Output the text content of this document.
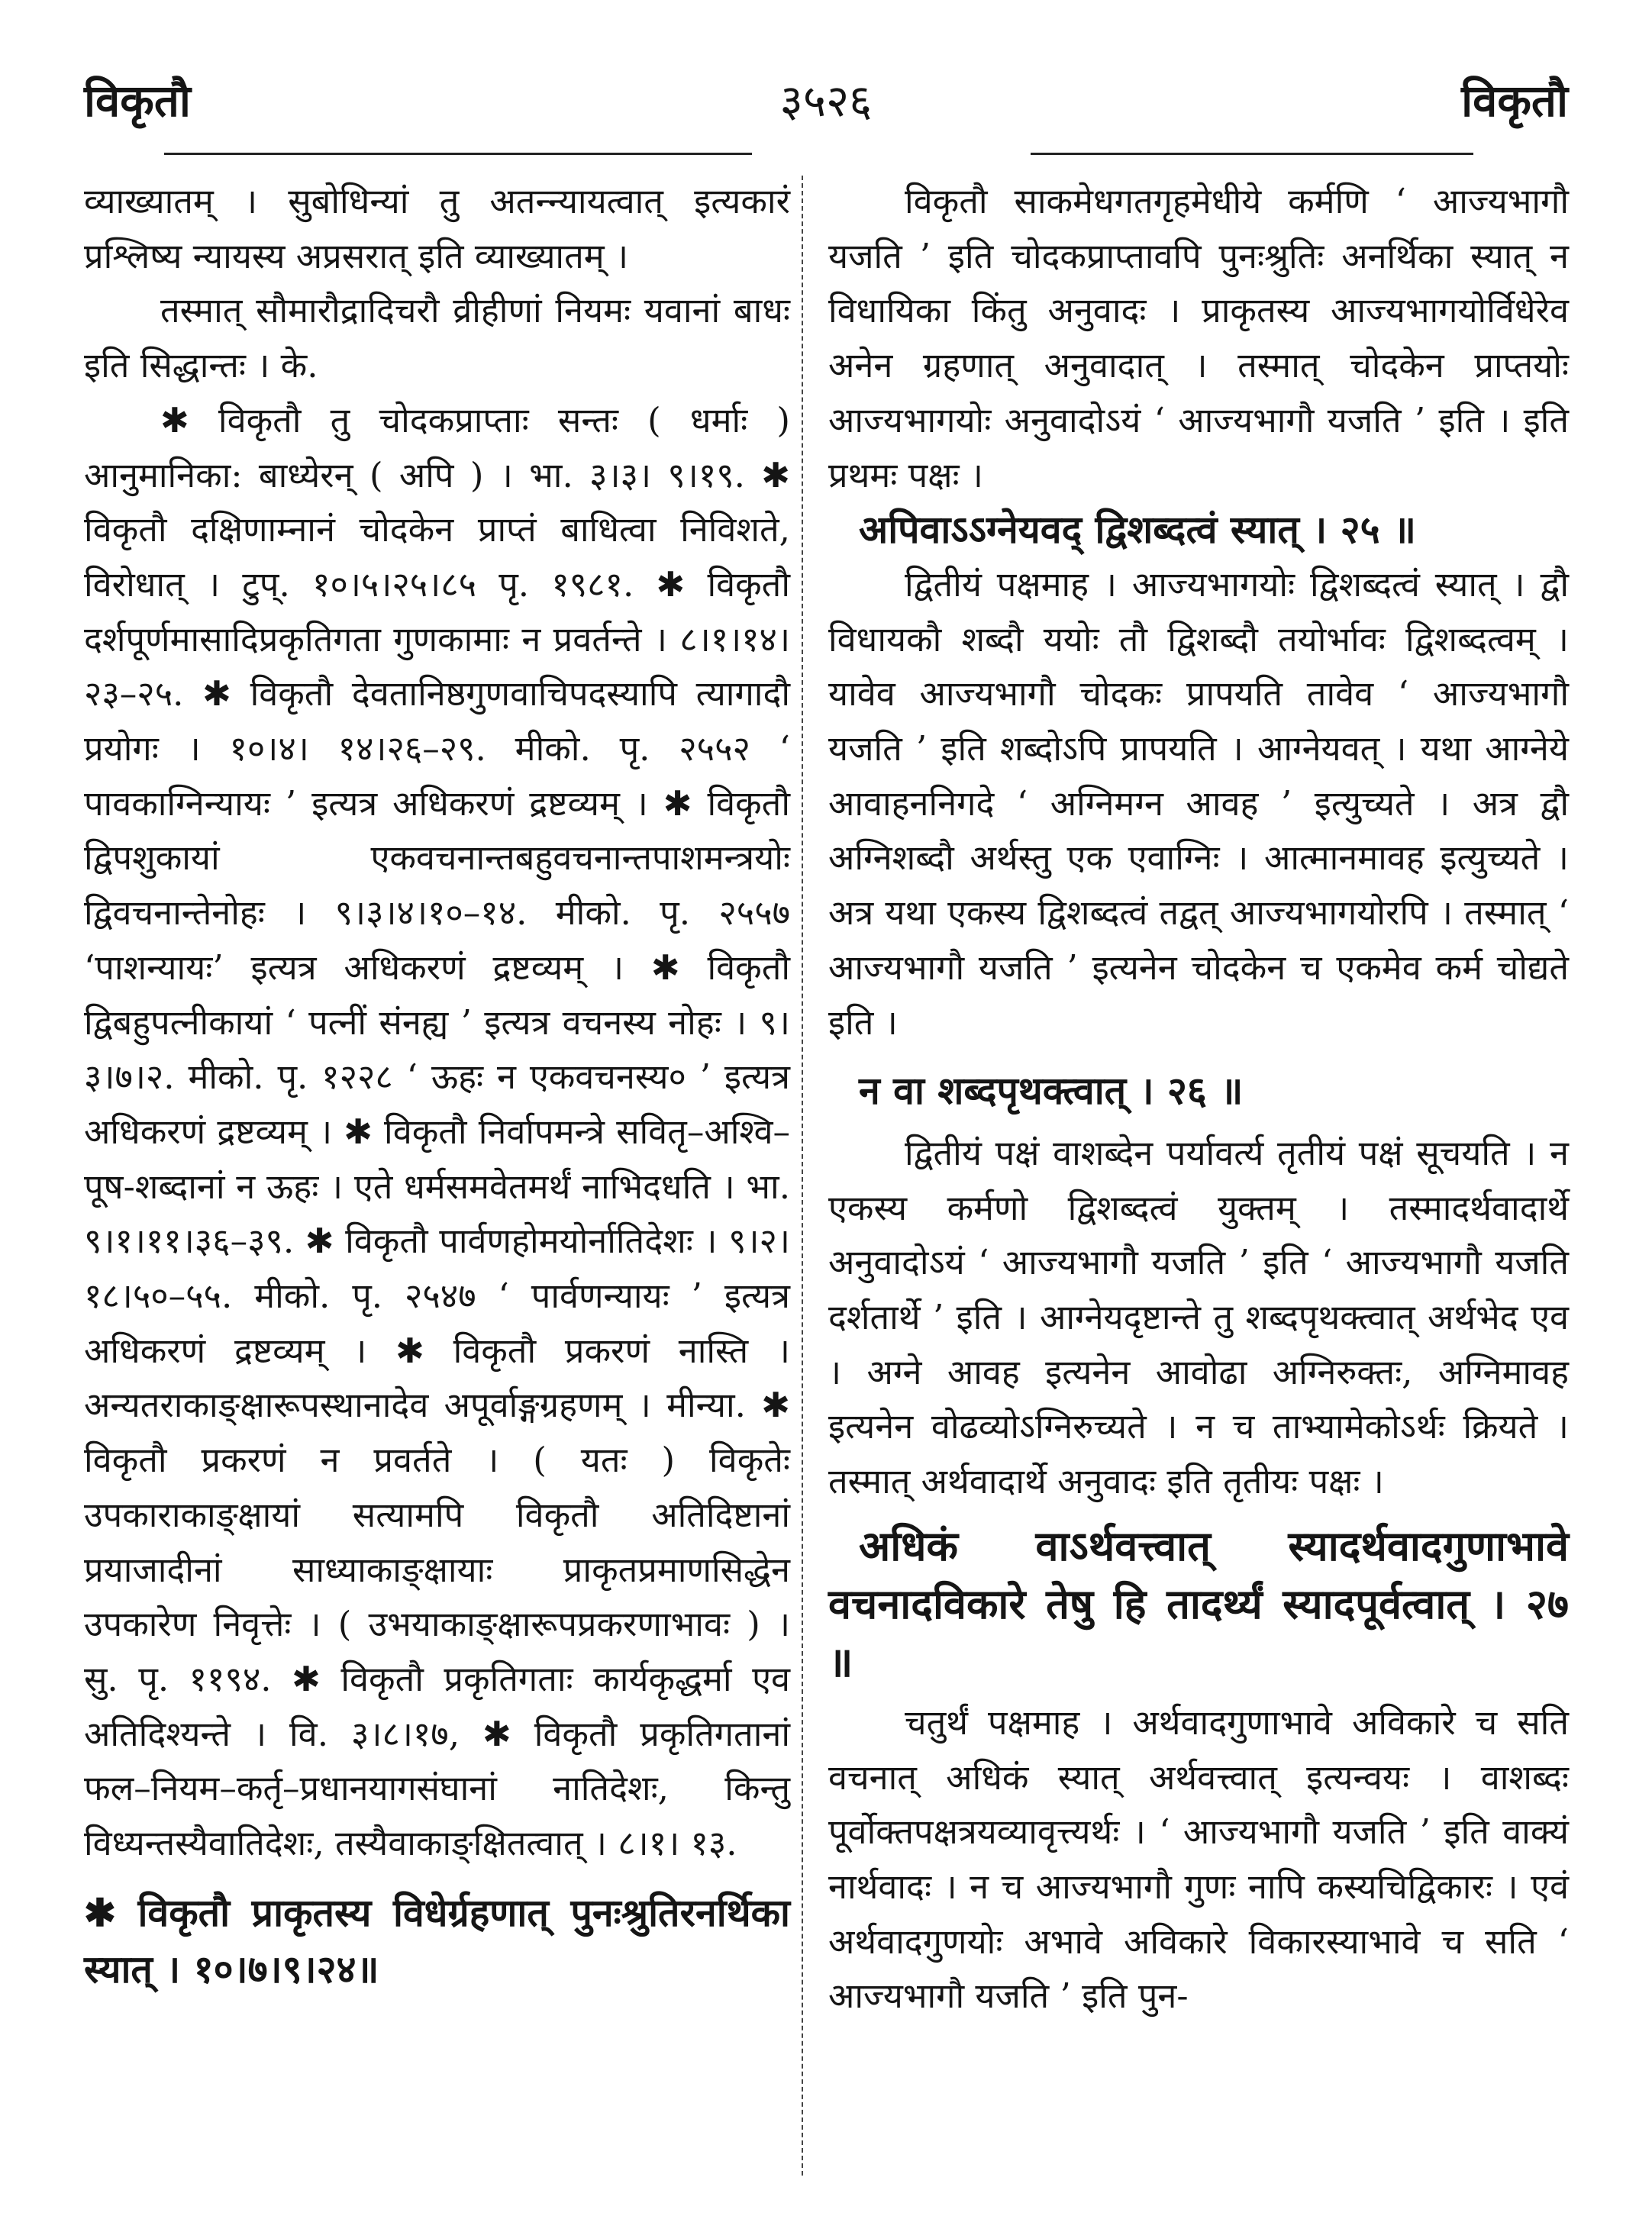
विकृतौ	३५२६	विकृतौ

व्याख्यातम् । सुबोधिन्यां तु अतन्न्यायत्वात् इत्यकारं प्रश्लिष्य न्यायस्य अप्रसरात् इति व्याख्यातम् ।

तस्मात् सौमारौद्रादिचरौ व्रीहीणां नियमः यवानां बाधः इति सिद्धान्तः । के.

✱ विकृतौ तु चोदकप्राप्ताः सन्तः ( धर्माः ) आनुमानिका: बाध्येरन् ( अपि ) । भा. ३।३। ९।१९. ✱ विकृतौ दक्षिणाम्नानं चोदकेन प्राप्तं बाधित्वा निविशते, विरोधात् । टुप्. १०।५।२५।८५ पृ. १९८१. ✱ विकृतौ दर्शपूर्णमासादिप्रकृतिगता गुणकामाः न प्रवर्तन्ते । ८।१।१४।२३–२५. ✱ विकृतौ देवतानिष्ठगुणवाचिपदस्यापि त्यागादौ प्रयोगः । १०।४। १४।२६–२९. मीको. पृ. २५५२ ‘ पावकाग्निन्यायः ’ इत्यत्र अधिकरणं द्रष्टव्यम् । ✱ विकृतौ द्विपशुकायां एकवचनान्तबहुवचनान्तपाशमन्त्रयोः द्विवचनान्तेनोहः । ९।३।४।१०–१४. मीको. पृ. २५५७ ‘पाशन्यायः’ इत्यत्र अधिकरणं द्रष्टव्यम् । ✱ विकृतौ द्विबहुपत्नीकायां ‘ पत्नीं संनह्य ’ इत्यत्र वचनस्य नोहः । ९।३।७।२. मीको. पृ. १२२८ ‘ ऊहः न एकवचनस्य० ’ इत्यत्र अधिकरणं द्रष्टव्यम् । ✱ विकृतौ निर्वापमन्त्रे सवितृ–अश्वि–पूष-शब्दानां न ऊहः । एते धर्मसमवेतमर्थं नाभिदधति । भा. ९।१।११।३६–३९. ✱ विकृतौ पार्वणहोमयोर्नातिदेशः । ९।२।१८।५०–५५. मीको. पृ. २५४७ ‘ पार्वणन्यायः ’ इत्यत्र अधिकरणं द्रष्टव्यम् । ✱ विकृतौ प्रकरणं नास्ति । अन्यतराकाङ्क्षारूपस्थानादेव अपूर्वाङ्गग्रहणम् । मीन्या. ✱ विकृतौ प्रकरणं न प्रवर्तते । ( यतः ) विकृतेः उपकाराकाङ्क्षायां सत्यामपि विकृतौ अतिदिष्टानां प्रयाजादीनां साध्याकाङ्क्षायाः प्राकृतप्रमाणसिद्धेन उपकारेण निवृत्तेः । ( उभयाकाङ्क्षारूपप्रकरणाभावः ) । सु. पृ. ११९४. ✱ विकृतौ प्रकृतिगताः कार्यकृद्धर्मा एव अतिदिश्यन्ते । वि. ३।८।१७, ✱ विकृतौ प्रकृतिगतानां फल–नियम–कर्तृ–प्रधानयागसंघानां नातिदेशः, किन्तु विध्यन्तस्यैवातिदेशः, तस्यैवाकाङ्क्षितत्वात् । ८।१। १३.

✱ विकृतौ प्राकृतस्य विधेर्ग्रहणात् पुनःश्रुतिरनर्थिका स्यात् । १०।७।९।२४॥

विकृतौ साकमेधगतगृहमेधीये कर्मणि ‘ आज्यभागौ यजति ’ इति चोदकप्राप्तावपि पुनःश्रुतिः अनर्थिका स्यात् न विधायिका किंतु अनुवादः । प्राकृतस्य आज्यभागयोर्विधेरेव अनेन ग्रहणात् अनुवादात् । तस्मात् चोदकेन प्राप्तयोः आज्यभागयोः अनुवादोऽयं ‘ आज्यभागौ यजति ’ इति । इति प्रथमः पक्षः ।

अपिवाऽऽग्नेयवद् द्विशब्दत्वं स्यात् । २५ ॥

द्वितीयं पक्षमाह । आज्यभागयोः द्विशब्दत्वं स्यात् । द्वौ विधायकौ शब्दौ ययोः तौ द्विशब्दौ तयोर्भावः द्विशब्दत्वम् । यावेव आज्यभागौ चोदकः प्रापयति तावेव ‘ आज्यभागौ यजति ’ इति शब्दोऽपि प्रापयति । आग्नेयवत् । यथा आग्नेये आवाहननिगदे ‘ अग्निमग्न आवह ’ इत्युच्यते । अत्र द्वौ अग्निशब्दौ अर्थस्तु एक एवाग्निः । आत्मानमावह इत्युच्यते । अत्र यथा एकस्य द्विशब्दत्वं तद्वत् आज्यभागयोरपि । तस्मात् ‘ आज्यभागौ यजति ’ इत्यनेन चोदकेन च एकमेव कर्म चोद्यते इति ।

न वा शब्दपृथक्त्वात् । २६ ॥

द्वितीयं पक्षं वाशब्देन पर्यावर्त्य तृतीयं पक्षं सूचयति । न एकस्य कर्मणो द्विशब्दत्वं युक्तम् । तस्मादर्थवादार्थे अनुवादोऽयं ‘ आज्यभागौ यजति ’ इति ‘ आज्यभागौ यजति दर्शतार्थे ’ इति । आग्नेयदृष्टान्ते तु शब्दपृथक्त्वात् अर्थभेद एव । अग्ने आवह इत्यनेन आवोढा अग्निरुक्तः, अग्निमावह इत्यनेन वोढव्योऽग्निरुच्यते । न च ताभ्यामेकोऽर्थः क्रियते । तस्मात् अर्थवादार्थे अनुवादः इति तृतीयः पक्षः ।

अधिकं वाऽर्थवत्त्वात् स्यादर्थवादगुणाभावे वचनादविकारे तेषु हि तादर्थ्यं स्यादपूर्वत्वात् । २७ ॥

चतुर्थं पक्षमाह । अर्थवादगुणाभावे अविकारे च सति वचनात् अधिकं स्यात् अर्थवत्त्वात् इत्यन्वयः । वाशब्दः पूर्वोक्तपक्षत्रयव्यावृत्त्यर्थः । ‘ आज्यभागौ यजति ’ इति वाक्यं नार्थवादः । न च आज्यभागौ गुणः नापि कस्यचिद्विकारः । एवं अर्थवादगुणयोः अभावे अविकारे विकारस्याभावे च सति ‘ आज्यभागौ यजति ’ इति पुन-
